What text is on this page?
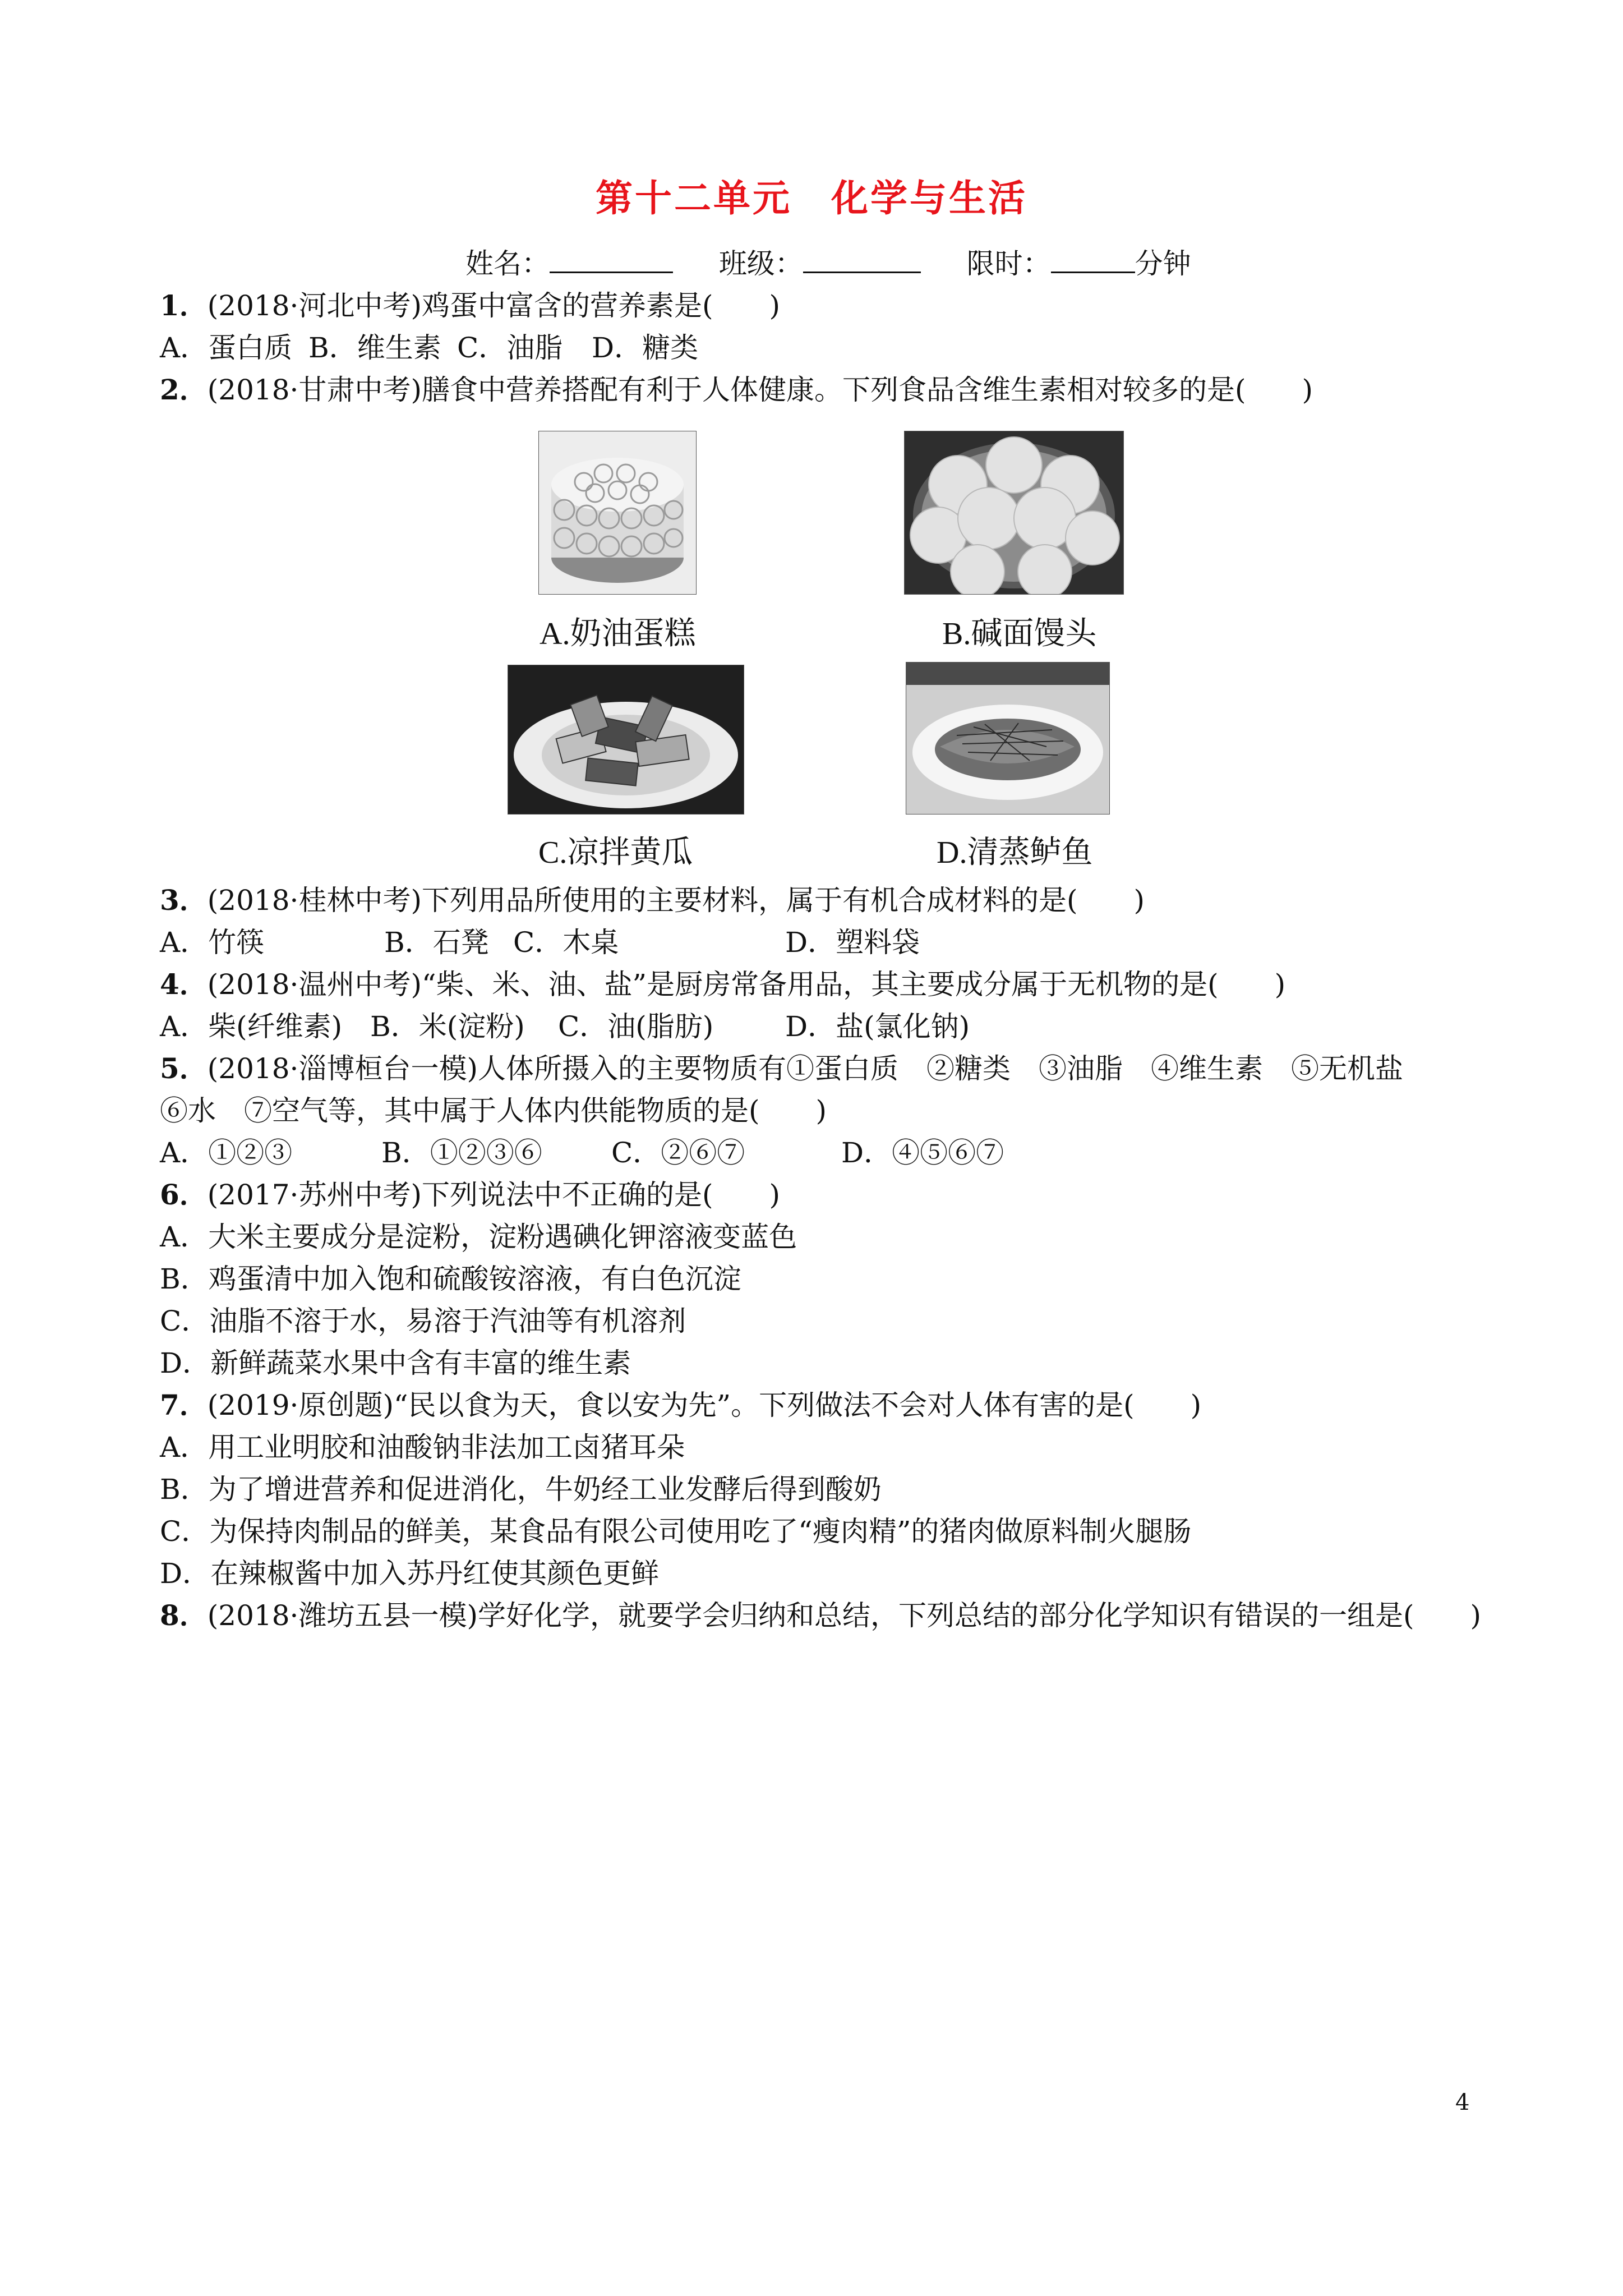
第十二单元　化学与生活
姓名：	班级：	限时：	分钟
1．(2018·河北中考)鸡蛋中富含的营养素是(　　)
A．蛋白质 B．维生素 C．油脂 D．糖类
2．(2018·甘肃中考)膳食中营养搭配有利于人体健康。下列食品含维生素相对较多的是(　　)
A.奶油蛋糕	B.碱面馒头
C.凉拌黄瓜	D.清蒸鲈鱼
3．(2018·桂林中考)下列用品所使用的主要材料，属于有机合成材料的是(　　)
A．竹筷	B．石凳 C．木桌	D．塑料袋
4．(2018·温州中考)“柴、米、油、盐”是厨房常备用品，其主要成分属于无机物的是(　　)
A．柴(纤维素) B．米(淀粉) C．油(脂肪)	D．盐(氯化钠)
5．(2018·淄博桓台一模)人体所摄入的主要物质有①蛋白质　②糖类　③油脂　④维生素　⑤无机盐
⑥水　⑦空气等，其中属于人体内供能物质的是(　　)
A．①②③	B．①②③⑥ C．②⑥⑦	D．④⑤⑥⑦
6．(2017·苏州中考)下列说法中不正确的是(　　)
A．大米主要成分是淀粉，淀粉遇碘化钾溶液变蓝色
B．鸡蛋清中加入饱和硫酸铵溶液，有白色沉淀
C．油脂不溶于水，易溶于汽油等有机溶剂
D．新鲜蔬菜水果中含有丰富的维生素
7．(2019·原创题)“民以食为天，食以安为先”。下列做法不会对人体有害的是(　　)
A．用工业明胶和油酸钠非法加工卤猪耳朵
B．为了增进营养和促进消化，牛奶经工业发酵后得到酸奶
C．为保持肉制品的鲜美，某食品有限公司使用吃了“瘦肉精”的猪肉做原料制火腿肠
D．在辣椒酱中加入苏丹红使其颜色更鲜
8．(2018·潍坊五县一模)学好化学，就要学会归纳和总结，下列总结的部分化学知识有错误的一组是(　　)
4
